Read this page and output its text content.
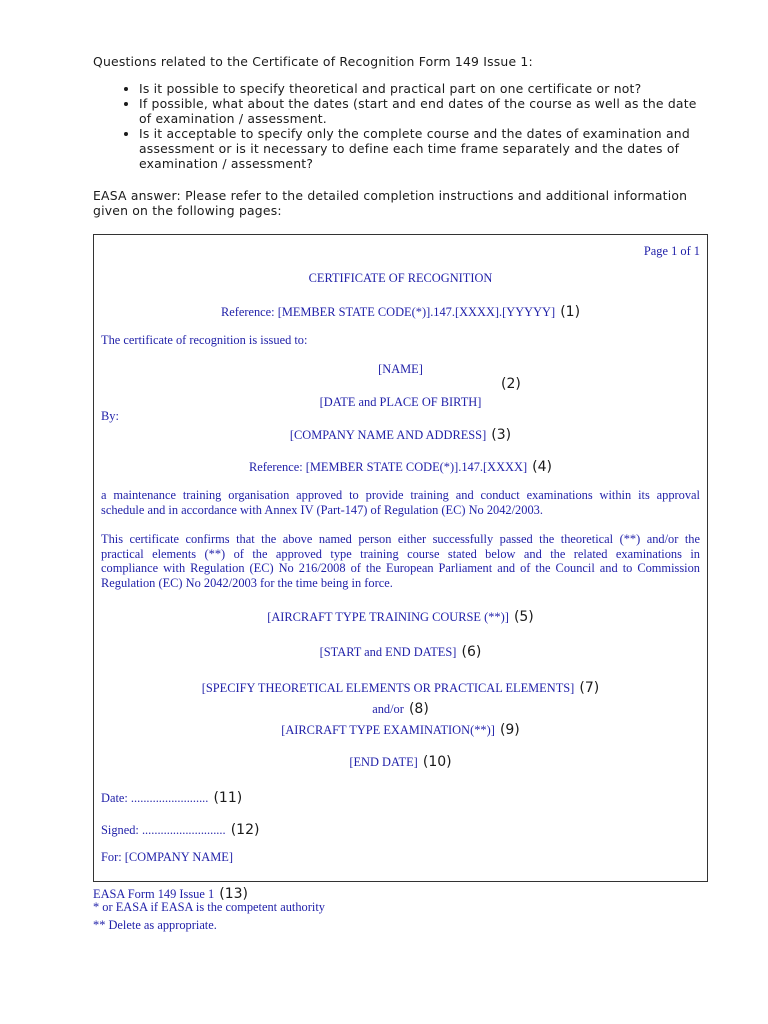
Questions related to the Certificate of Recognition Form 149 Issue 1:

• Is it possible to specify theoretical and practical part on one certificate or not?
• If possible, what about the dates (start and end dates of the course as well as the date of examination / assessment.
• Is it acceptable to specify only the complete course and the dates of examination and assessment or is it necessary to define each time frame separately and the dates of examination / assessment?

EASA answer: Please refer to the detailed completion instructions and additional information given on the following pages:

Page 1 of 1
CERTIFICATE OF RECOGNITION
Reference: [MEMBER STATE CODE(*)].147.[XXXX].[YYYYY] (1)
The certificate of recognition is issued to:
[NAME]
(2)
[DATE and PLACE OF BIRTH]
By:
[COMPANY NAME AND ADDRESS] (3)
Reference: [MEMBER STATE CODE(*)].147.[XXXX] (4)
a maintenance training organisation approved to provide training and conduct examinations within its approval
schedule and in accordance with Annex IV (Part-147) of Regulation (EC) No 2042/2003.
This certificate confirms that the above named person either successfully passed the theoretical (**) and/or the
practical elements (**) of the approved type training course stated below and the related examinations in
compliance with Regulation (EC) No 216/2008 of the European Parliament and of the Council and to Commission
Regulation (EC) No 2042/2003 for the time being in force.
[AIRCRAFT TYPE TRAINING COURSE (**)] (5)
[START and END DATES] (6)
[SPECIFY THEORETICAL ELEMENTS OR PRACTICAL ELEMENTS] (7)
and/or (8)
[AIRCRAFT TYPE EXAMINATION(**)] (9)
[END DATE] (10)
Date: ......................... (11)
Signed: ........................... (12)
For: [COMPANY NAME]
EASA Form 149 Issue 1 (13)
* or EASA if EASA is the competent authority
** Delete as appropriate.
